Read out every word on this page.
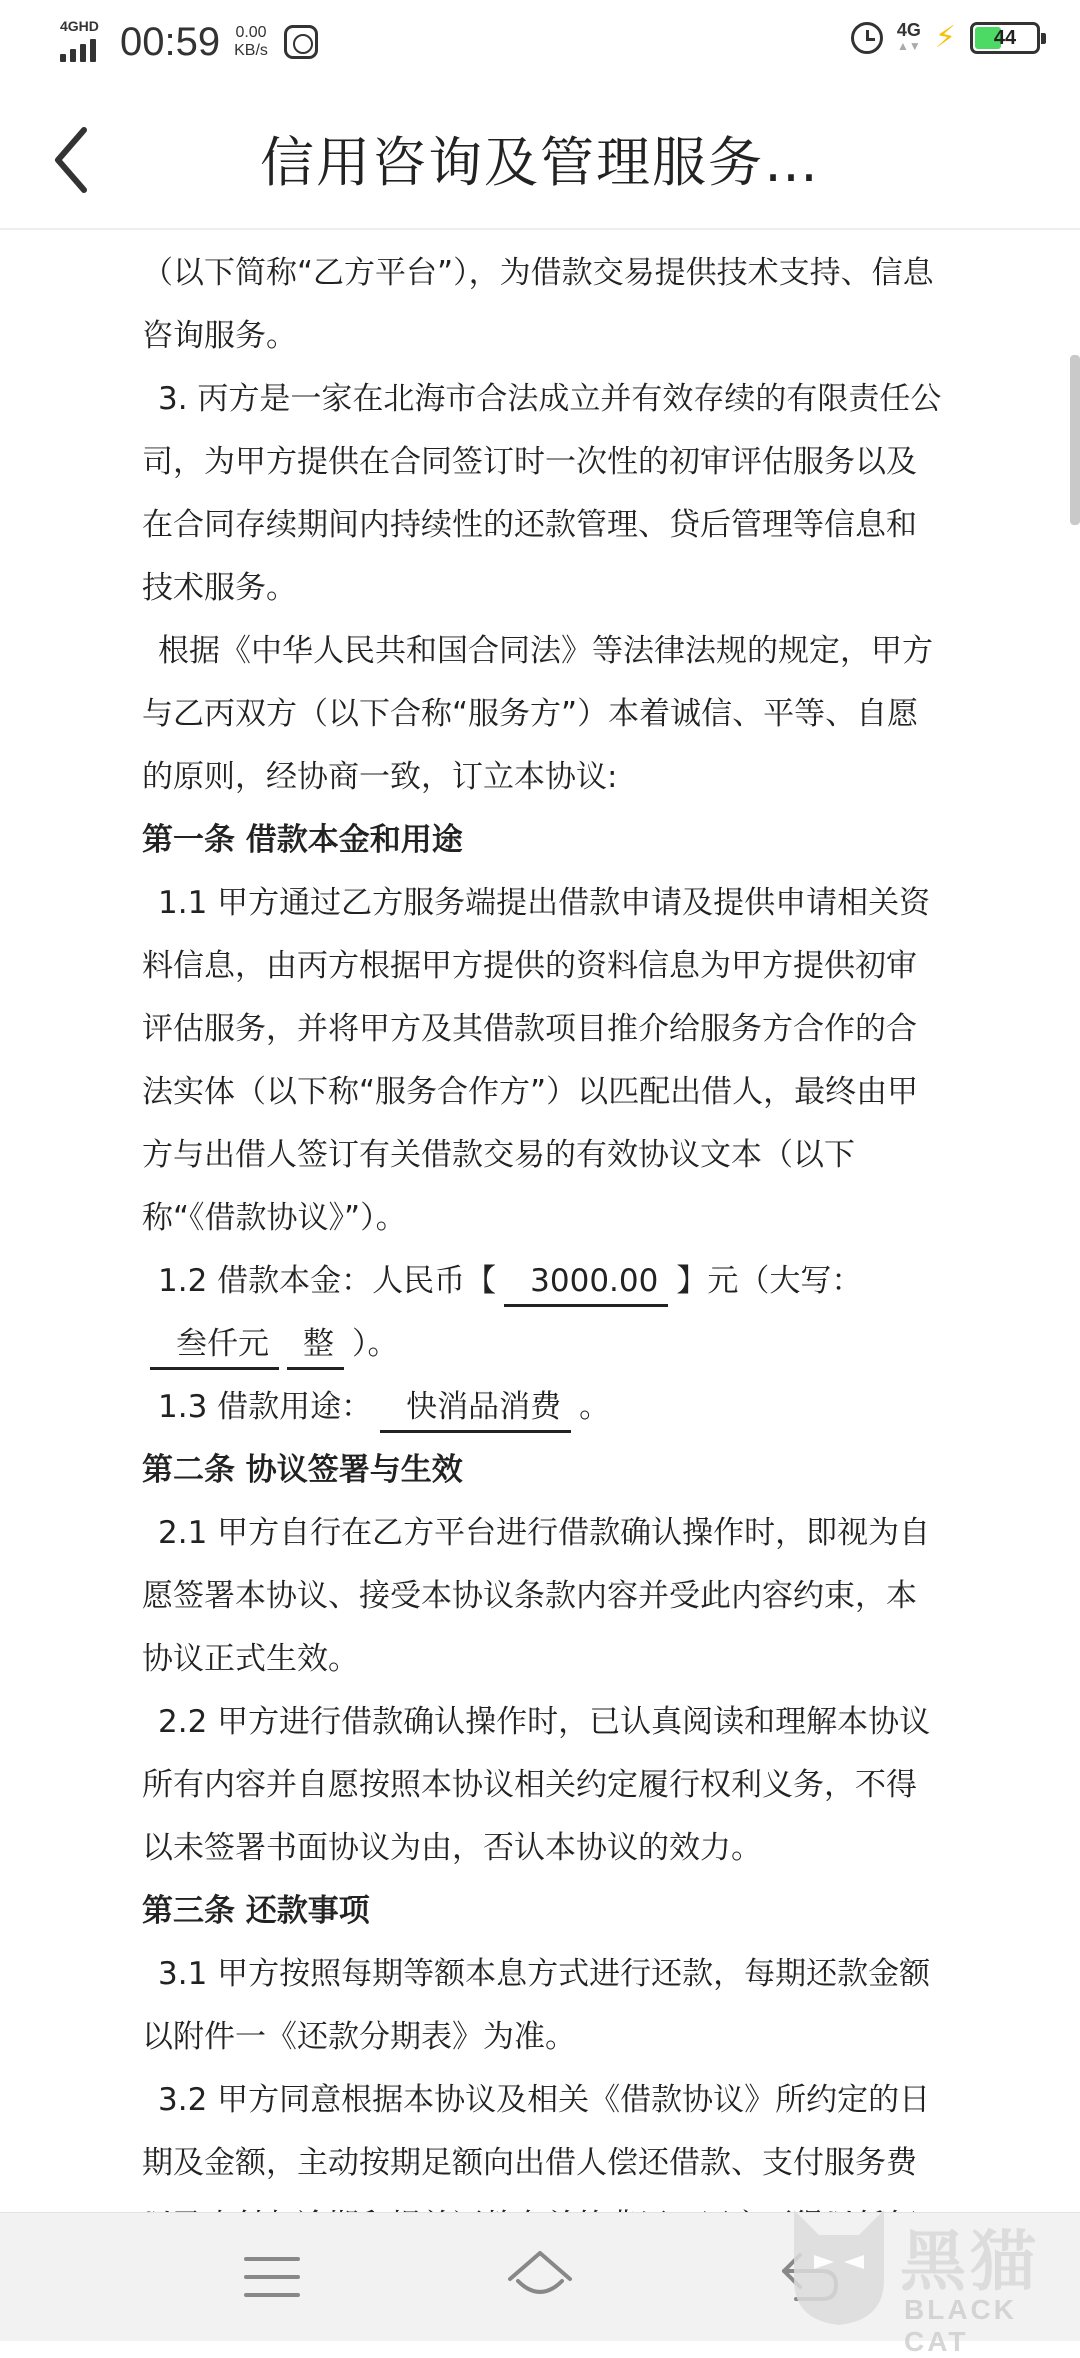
4GHD 00:59 0.00
KB/s
4G
▲▼ ⚡	44
信用咨询及管理服务…

（以下简称“乙方平台”），为借款交易提供技术支持、信息咨询服务。

3. 丙方是一家在北海市合法成立并有效存续的有限责任公司，为甲方提供在合同签订时一次性的初审评估服务以及在合同存续期间内持续性的还款管理、贷后管理等信息和技术服务。

根据《中华人民共和国合同法》等法律法规的规定，甲方与乙丙双方（以下合称“服务方”）本着诚信、平等、自愿的原则，经协商一致，订立本协议:

第一条 借款本金和用途

1.1 甲方通过乙方服务端提出借款申请及提供申请相关资料信息，由丙方根据甲方提供的资料信息为甲方提供初审评估服务，并将甲方及其借款项目推介给服务方合作的合法实体（以下称“服务合作方”）以匹配出借人，最终由甲方与出借人签订有关借款交易的有效协议文本（以下称“《借款协议》”）。

1.2 借款本金：人民币【 3000.00 】元（大写：叁仟元 整 ）。

1.3 借款用途： 快消品消费 。

第二条 协议签署与生效

2.1 甲方自行在乙方平台进行借款确认操作时，即视为自愿签署本协议、接受本协议条款内容并受此内容约束，本协议正式生效。

2.2 甲方进行借款确认操作时，已认真阅读和理解本协议所有内容并自愿按照本协议相关约定履行权利义务，不得以未签署书面协议为由，否认本协议的效力。

第三条 还款事项

3.1 甲方按照每期等额本息方式进行还款，每期还款金额以附件一《还款分期表》为准。

3.2 甲方同意根据本协议及相关《借款协议》所约定的日期及金额，主动按期足额向出借人偿还借款、支付服务费

黑猫
BLACK CAT
